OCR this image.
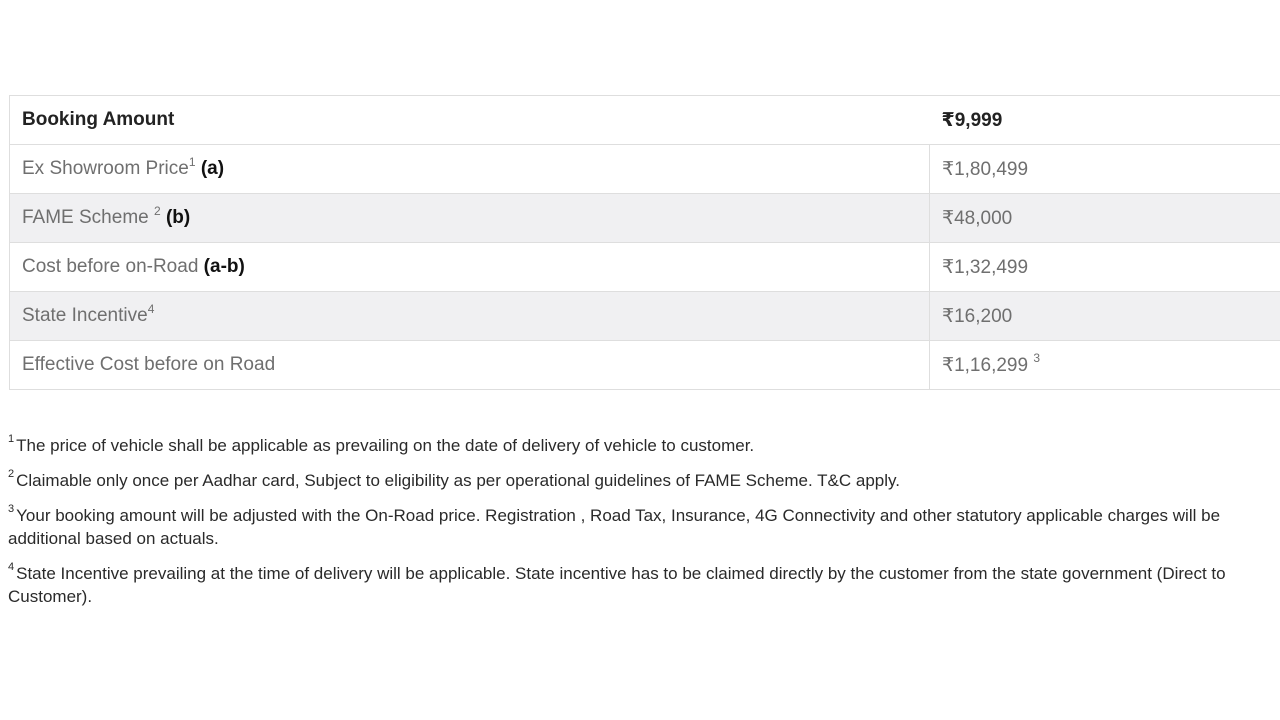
Booking Amount	₹9,999
Ex Showroom Price$^1$ (a)	₹1,80,499
FAME Scheme $^2$ (b)	₹48,000
Cost before on-Road (a-b)	₹1,32,499
State Incentive$^4$	₹16,200
Effective Cost before on Road	₹1,16,299 $^3$

$^1$ The price of vehicle shall be applicable as prevailing on the date of delivery of vehicle to customer.

$^2$ Claimable only once per Aadhar card, Subject to eligibility as per operational guidelines of FAME Scheme. T&C apply.

$^3$ Your booking amount will be adjusted with the On-Road price. Registration , Road Tax, Insurance, 4G Connectivity and other statutory applicable charges will be additional based on actuals.

$^4$ State Incentive prevailing at the time of delivery will be applicable. State incentive has to be claimed directly by the customer from the state government (Direct to Customer).
